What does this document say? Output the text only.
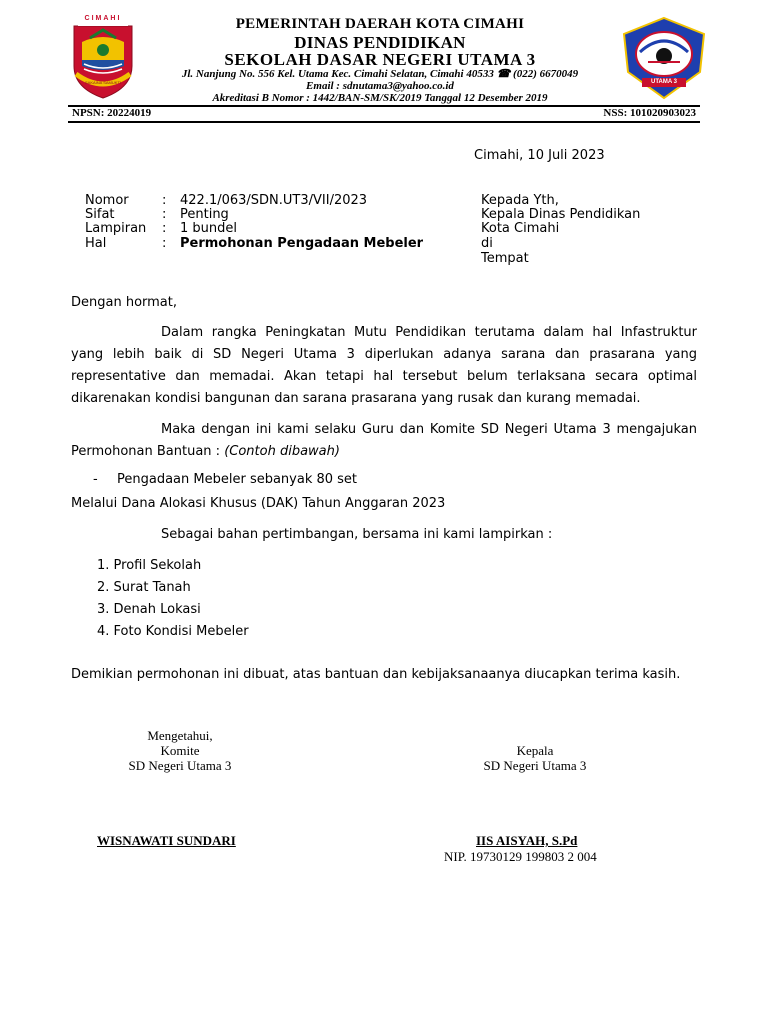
CIMAHI
SAKAINA SAMUKTI	UTAMA 3
PEMERINTAH DAERAH KOTA CIMAHI
DINAS PENDIDIKAN
SEKOLAH DASAR NEGERI UTAMA 3
Jl. Nanjung No. 556 Kel. Utama Kec. Cimahi Selatan, Cimahi 40533 ☎ (022) 6670049
Email : sdnutama3@yahoo.co.id
Akreditasi B Nomor : 1442/BAN-SM/SK/2019 Tanggal 12 Desember 2019
NPSN: 20224019	NSS: 101020903023
Cimahi, 10 Juli 2023
Nomor	: 422.1/063/SDN.UT3/VII/2023
Sifat	: Penting
Lampiran : 1 bundel
Hal	: Permohonan Pengadaan Mebeler
Kepada Yth,
Kepala Dinas Pendidikan
Kota Cimahi
di
Tempat
Dengan hormat,
Dalam rangka Peningkatan Mutu Pendidikan terutama dalam hal Infastruktur yang lebih baik di SD Negeri Utama 3 diperlukan adanya sarana dan prasarana yang representative dan memadai. Akan tetapi hal tersebut belum terlaksana secara optimal dikarenakan kondisi bangunan dan sarana prasarana yang rusak dan kurang memadai.
Maka dengan ini kami selaku Guru dan Komite SD Negeri Utama 3 mengajukan
Permohonan Bantuan : (Contoh dibawah)
- Pengadaan Mebeler sebanyak 80 set
Melalui Dana Alokasi Khusus (DAK) Tahun Anggaran 2023
Sebagai bahan pertimbangan, bersama ini kami lampirkan :
1. Profil Sekolah
2. Surat Tanah
3. Denah Lokasi
4. Foto Kondisi Mebeler
Demikian permohonan ini dibuat, atas bantuan dan kebijaksanaanya diucapkan terima kasih.
Mengetahui,
Komite
SD Negeri Utama 3
WISNAWATI SUNDARI
Kepala
SD Negeri Utama 3
IIS AISYAH, S.Pd
NIP. 19730129 199803 2 004
